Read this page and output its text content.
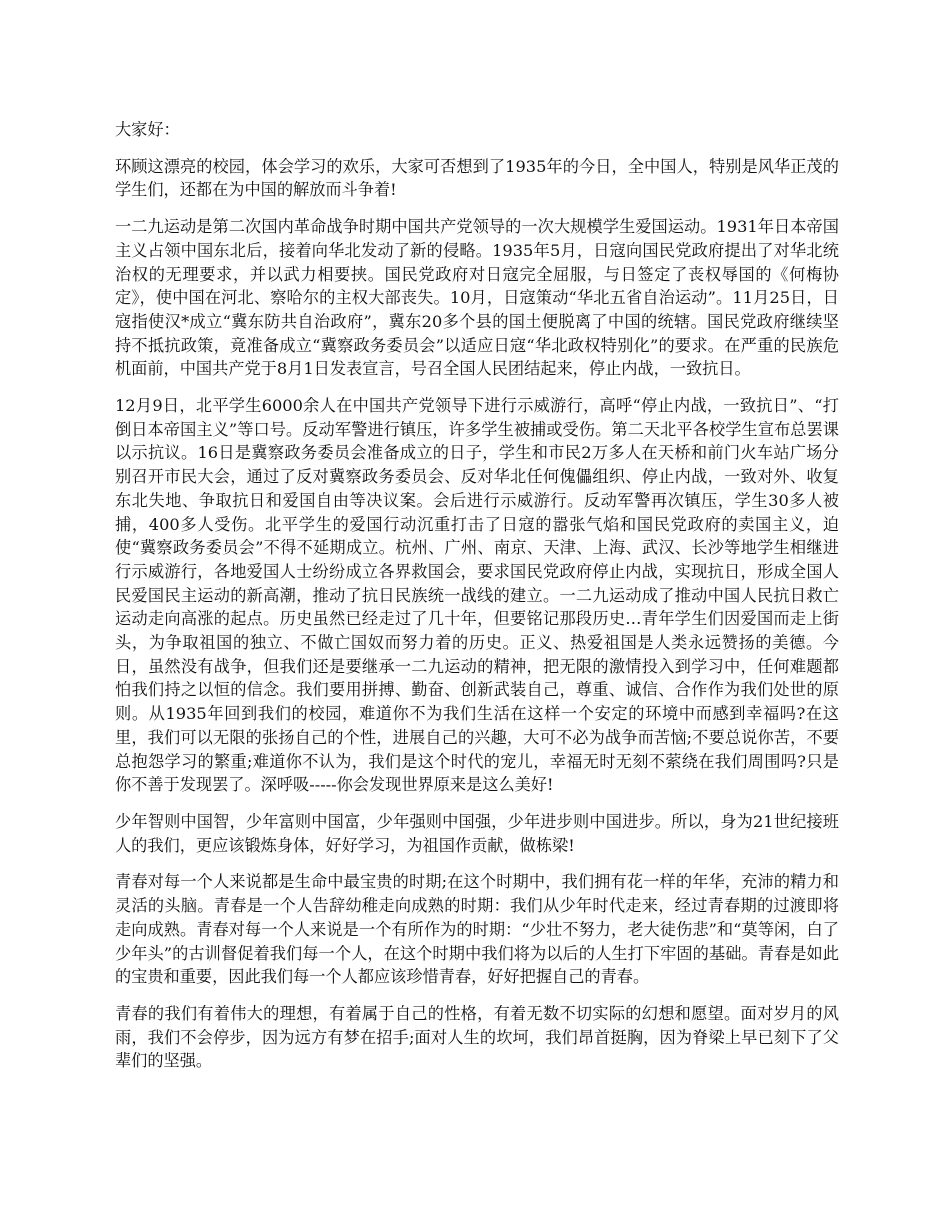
大家好：

环顾这漂亮的校园，体会学习的欢乐，大家可否想到了1935年的今日，全中国人，特别是风华正茂的学生们，还都在为中国的解放而斗争着!

一二九运动是第二次国内革命战争时期中国共产党领导的一次大规模学生爱国运动。1931年日本帝国主义占领中国东北后，接着向华北发动了新的侵略。1935年5月，日寇向国民党政府提出了对华北统治权的无理要求，并以武力相要挟。国民党政府对日寇完全屈服，与日签定了丧权辱国的《何梅协定》，使中国在河北、察哈尔的主权大部丧失。10月，日寇策动“华北五省自治运动”。11月25日，日寇指使汉*成立“冀东防共自治政府”，冀东20多个县的国土便脱离了中国的统辖。国民党政府继续坚持不抵抗政策，竟准备成立“冀察政务委员会”以适应日寇“华北政权特别化”的要求。在严重的民族危机面前，中国共产党于8月1日发表宣言，号召全国人民团结起来，停止内战，一致抗日。

12月9日，北平学生6000余人在中国共产党领导下进行示威游行，高呼“停止内战，一致抗日”、“打倒日本帝国主义”等口号。反动军警进行镇压，许多学生被捕或受伤。第二天北平各校学生宣布总罢课以示抗议。16日是冀察政务委员会准备成立的日子，学生和市民2万多人在天桥和前门火车站广场分别召开市民大会，通过了反对冀察政务委员会、反对华北任何傀儡组织、停止内战，一致对外、收复东北失地、争取抗日和爱国自由等决议案。会后进行示威游行。反动军警再次镇压，学生30多人被捕，400多人受伤。北平学生的爱国行动沉重打击了日寇的嚣张气焰和国民党政府的卖国主义，迫使“冀察政务委员会”不得不延期成立。杭州、广州、南京、天津、上海、武汉、长沙等地学生相继进行示威游行，各地爱国人士纷纷成立各界救国会，要求国民党政府停止内战，实现抗日，形成全国人民爱国民主运动的新高潮，推动了抗日民族统一战线的建立。一二九运动成了推动中国人民抗日救亡运动走向高涨的起点。历史虽然已经走过了几十年，但要铭记那段历史…青年学生们因爱国而走上街头，为争取祖国的独立、不做亡国奴而努力着的历史。正义、热爱祖国是人类永远赞扬的美德。今日，虽然没有战争，但我们还是要继承一二九运动的精神，把无限的激情投入到学习中，任何难题都怕我们持之以恒的信念。我们要用拼搏、勤奋、创新武装自己，尊重、诚信、合作作为我们处世的原则。从1935年回到我们的校园，难道你不为我们生活在这样一个安定的环境中而感到幸福吗?在这里，我们可以无限的张扬自己的个性，进展自己的兴趣，大可不必为战争而苦恼;不要总说你苦，不要总抱怨学习的繁重;难道你不认为，我们是这个时代的宠儿，幸福无时无刻不萦绕在我们周围吗?只是你不善于发现罢了。深呼吸-----你会发现世界原来是这么美好!

少年智则中国智，少年富则中国富，少年强则中国强，少年进步则中国进步。所以，身为21世纪接班人的我们，更应该锻炼身体，好好学习，为祖国作贡献，做栋梁!

青春对每一个人来说都是生命中最宝贵的时期;在这个时期中，我们拥有花一样的年华，充沛的精力和灵活的头脑。青春是一个人告辞幼稚走向成熟的时期：我们从少年时代走来，经过青春期的过渡即将走向成熟。青春对每一个人来说是一个有所作为的时期：“少壮不努力，老大徒伤悲”和“莫等闲，白了少年头”的古训督促着我们每一个人，在这个时期中我们将为以后的人生打下牢固的基础。青春是如此的宝贵和重要，因此我们每一个人都应该珍惜青春，好好把握自己的青春。

青春的我们有着伟大的理想，有着属于自己的性格，有着无数不切实际的幻想和愿望。面对岁月的风雨，我们不会停步，因为远方有梦在招手;面对人生的坎坷，我们昂首挺胸，因为脊梁上早已刻下了父辈们的坚强。
